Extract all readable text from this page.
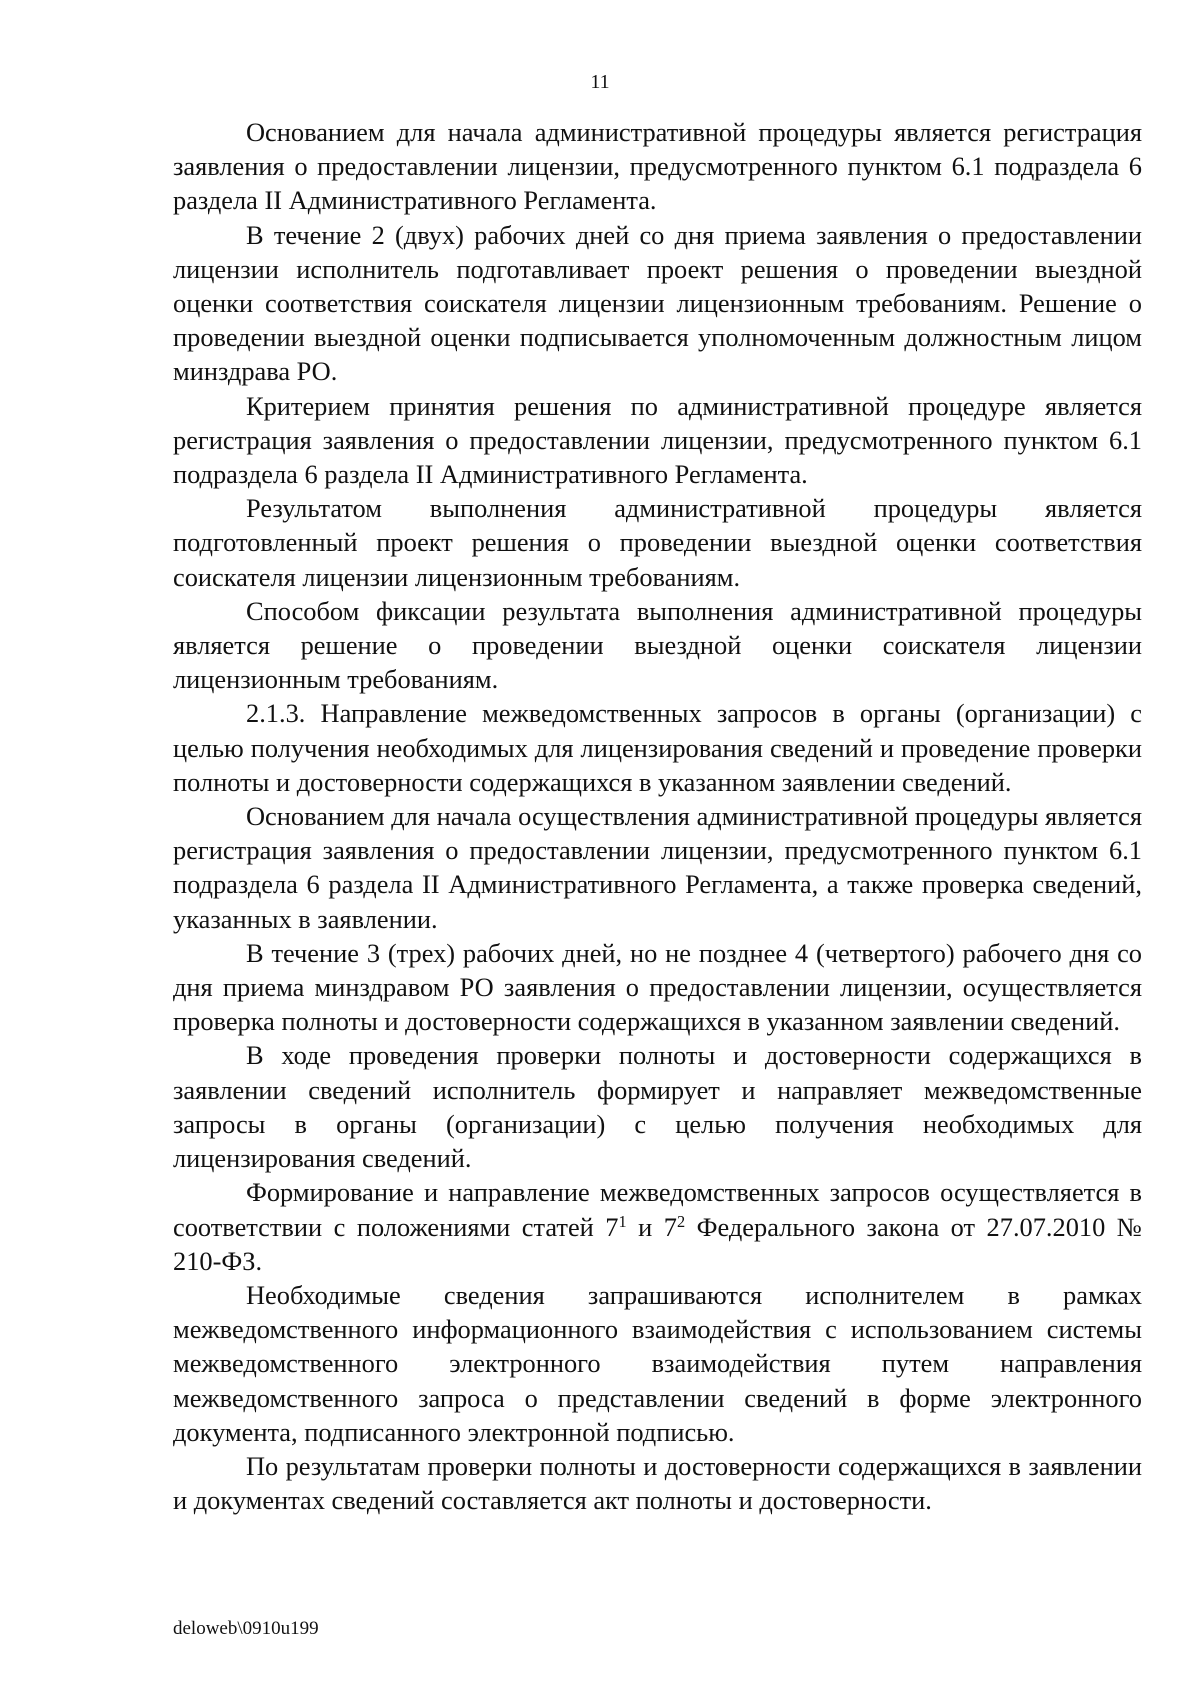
11

Основанием для начала административной процедуры является регистрация заявления о предоставлении лицензии, предусмотренного пунктом 6.1 подраздела 6 раздела II Административного Регламента.

В течение 2 (двух) рабочих дней со дня приема заявления о предоставлении лицензии исполнитель подготавливает проект решения о проведении выездной оценки соответствия соискателя лицензии лицензионным требованиям. Решение о проведении выездной оценки подписывается уполномоченным должностным лицом минздрава РО.

Критерием принятия решения по административной процедуре является регистрация заявления о предоставлении лицензии, предусмотренного пунктом 6.1 подраздела 6 раздела II Административного Регламента.

Результатом выполнения административной процедуры является подготовленный проект решения о проведении выездной оценки соответствия соискателя лицензии лицензионным требованиям.

Способом фиксации результата выполнения административной процедуры является решение о проведении выездной оценки соискателя лицензии лицензионным требованиям.

2.1.3. Направление межведомственных запросов в органы (организации) с целью получения необходимых для лицензирования сведений и проведение проверки полноты и достоверности содержащихся в указанном заявлении сведений.

Основанием для начала осуществления административной процедуры является регистрация заявления о предоставлении лицензии, предусмотренного пунктом 6.1 подраздела 6 раздела II Административного Регламента, а также проверка сведений, указанных в заявлении.

В течение 3 (трех) рабочих дней, но не позднее 4 (четвертого) рабочего дня со дня приема минздравом РО заявления о предоставлении лицензии, осуществляется проверка полноты и достоверности содержащихся в указанном заявлении сведений.

В ходе проведения проверки полноты и достоверности содержащихся в заявлении сведений исполнитель формирует и направляет межведомственные запросы в органы (организации) с целью получения необходимых для лицензирования сведений.

Формирование и направление межведомственных запросов осуществляется в соответствии с положениями статей $7^1$ и $7^2$ Федерального закона от 27.07.2010 № 210-ФЗ.

Необходимые сведения запрашиваются исполнителем в рамках межведомственного информационного взаимодействия с использованием системы межведомственного электронного взаимодействия путем направления межведомственного запроса о представлении сведений в форме электронного документа, подписанного электронной подписью.

По результатам проверки полноты и достоверности содержащихся в заявлении и документах сведений составляется акт полноты и достоверности.

deloweb\0910u199
